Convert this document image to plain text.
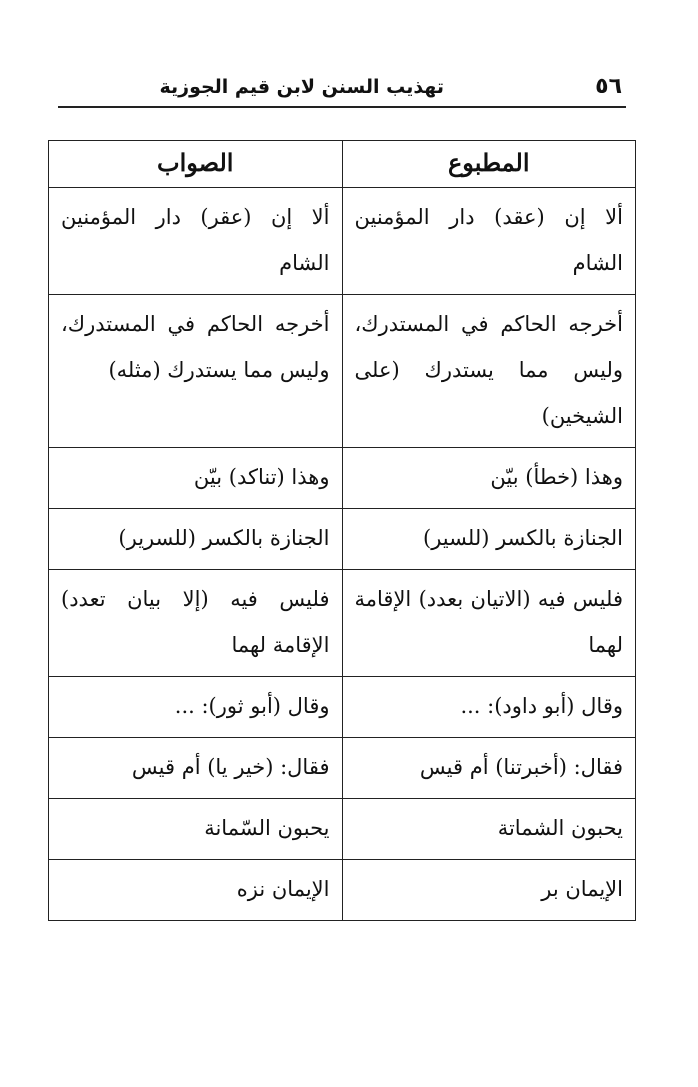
٥٦
تهذيب السنن لابن قيم الجوزية
المطبوع	الصواب
ألا إن (عقد) دار المؤمنين الشام	ألا إن (عقر) دار المؤمنين الشام
أخرجه الحاكم في المستدرك، وليس مما يستدرك (على الشيخين)	أخرجه الحاكم في المستدرك، وليس مما يستدرك (مثله)
وهذا (خطأ) بيّن	وهذا (تناكد) بيّن
الجنازة بالكسر (للسير)	الجنازة بالكسر (للسرير)
فليس فيه (الاتيان بعدد) الإقامة لهما	فليس فيه (إلا بيان تعدد) الإقامة لهما
وقال (أبو داود): ...	وقال (أبو ثور): ...
فقال: (أخبرتنا) أم قيس	فقال: (خير يا) أم قيس
يحبون الشماتة	يحبون السّمانة
الإيمان بر	الإيمان نزه
